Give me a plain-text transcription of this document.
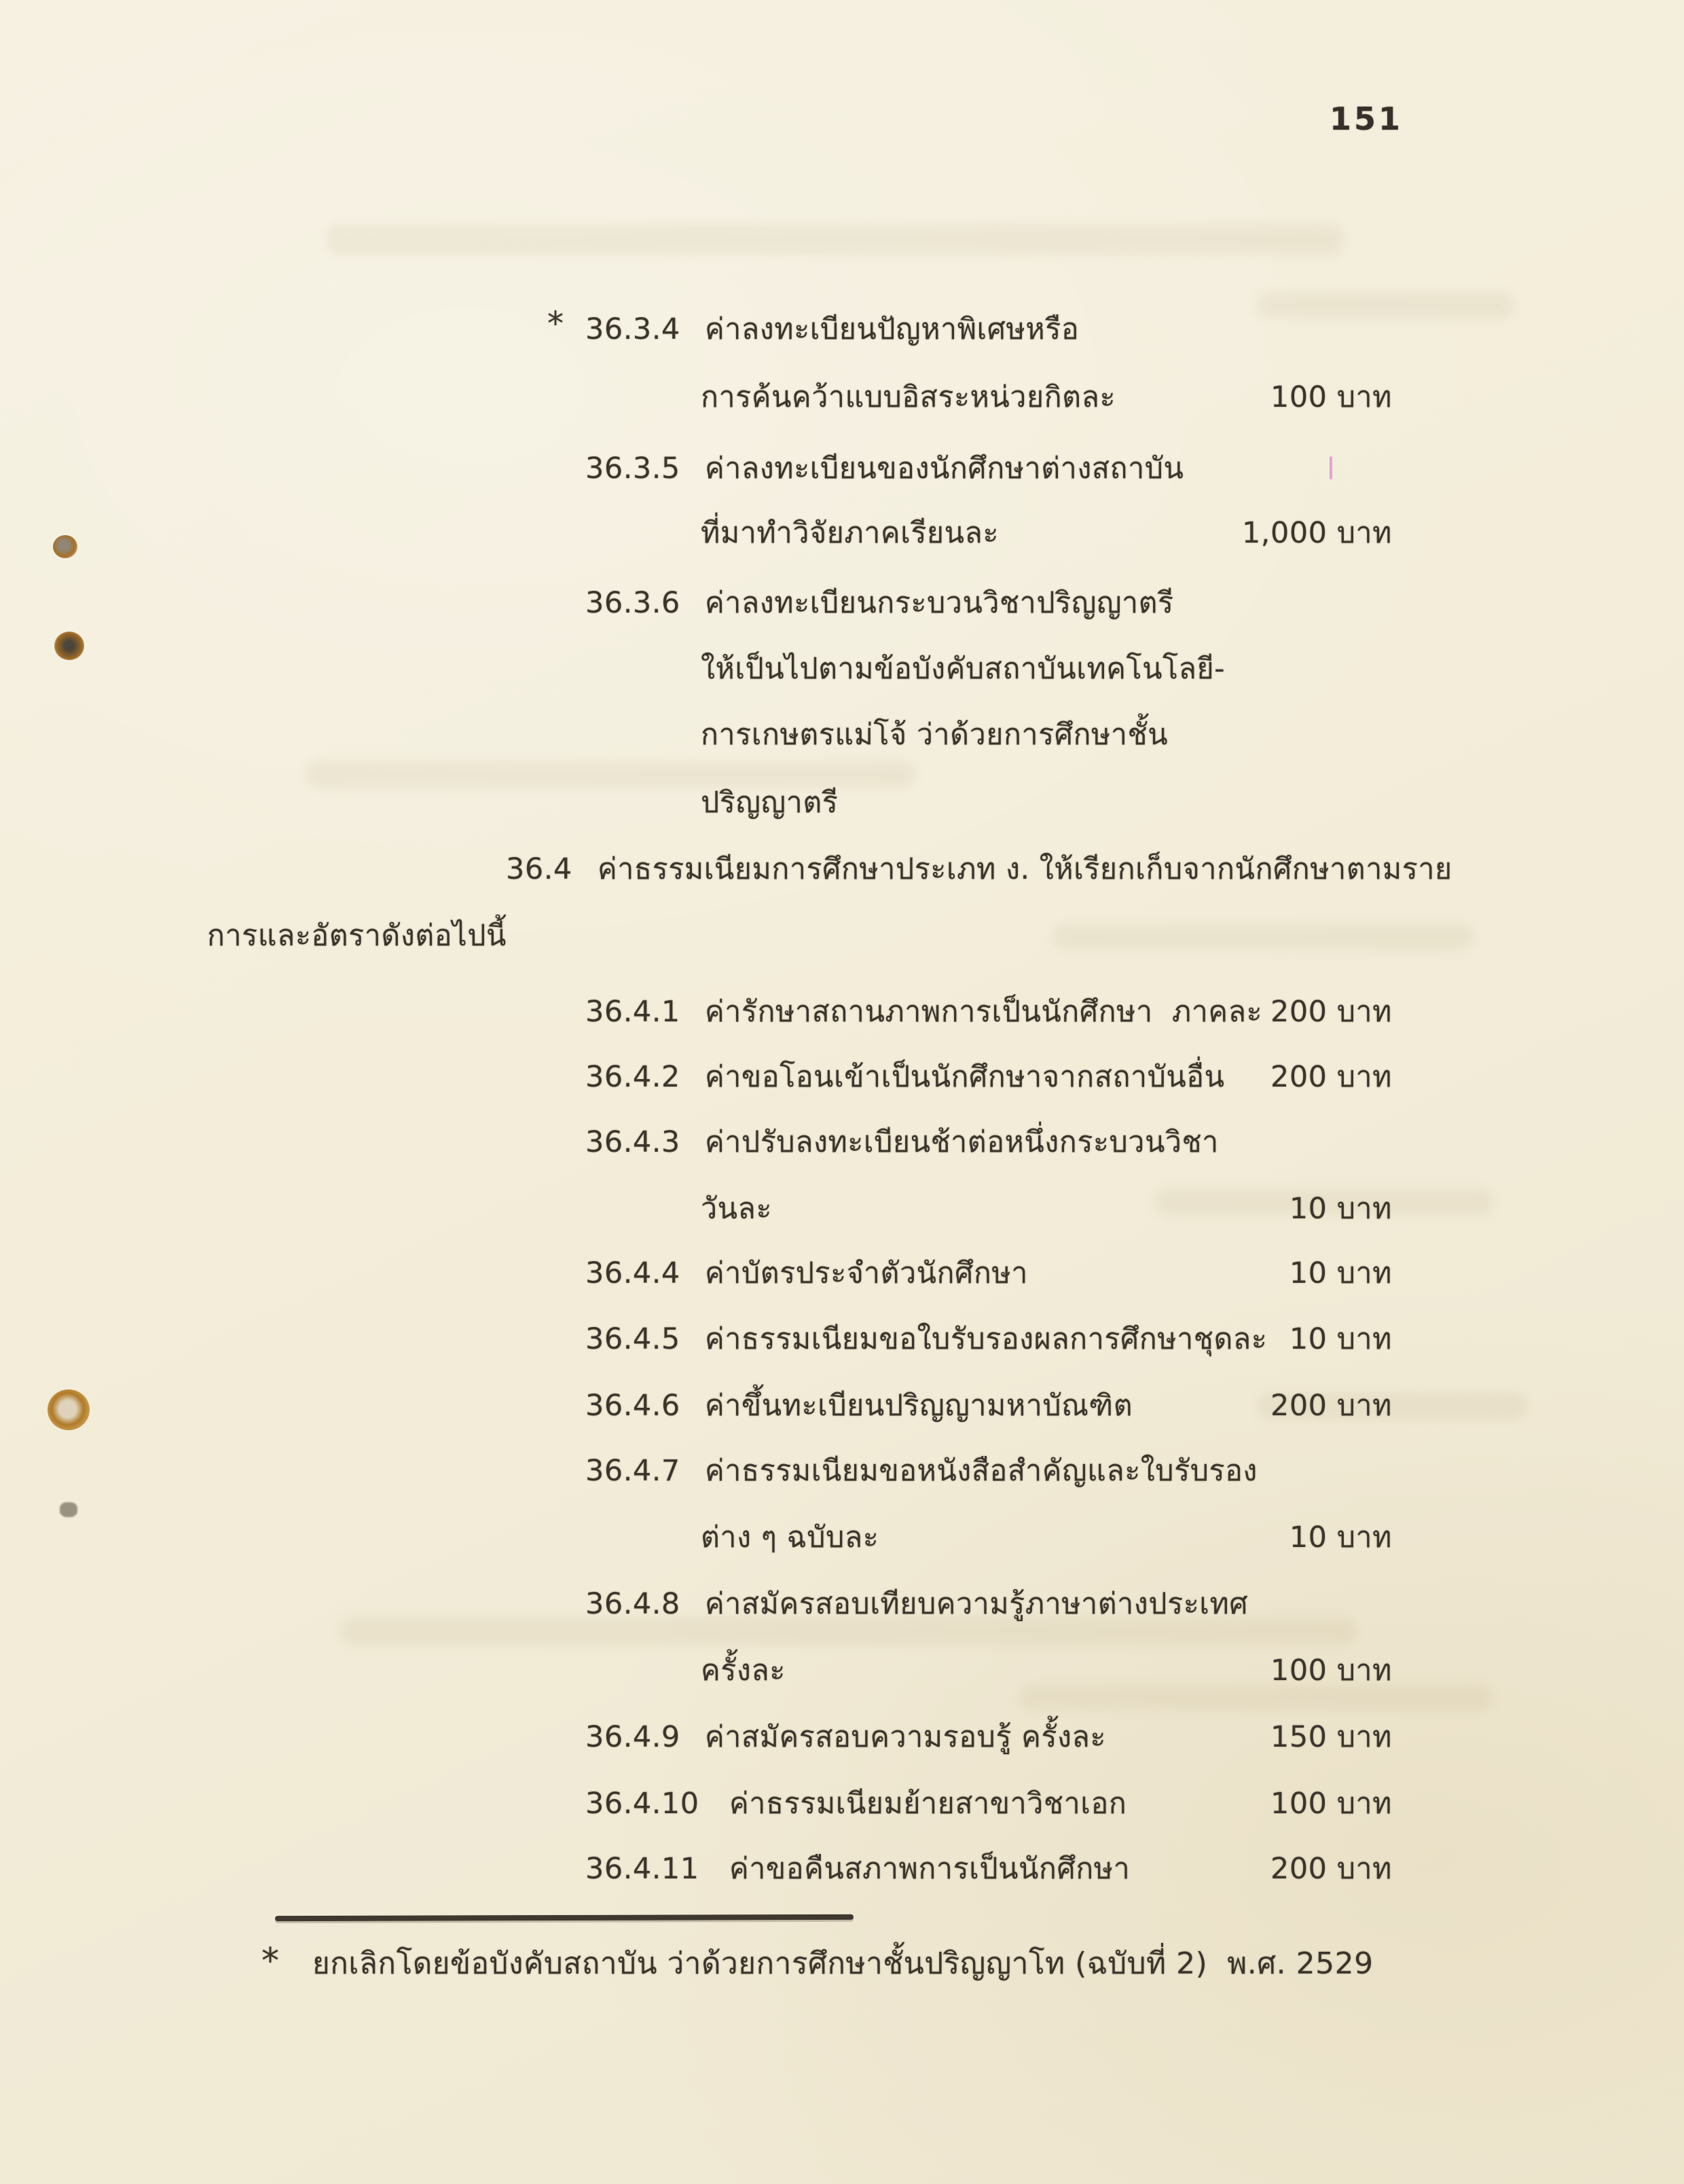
151
* 36.3.4 ค่าลงทะเบียนปัญหาพิเศษหรือ
การค้นคว้าแบบอิสระหน่วยกิตละ	100 บาท
36.3.5 ค่าลงทะเบียนของนักศึกษาต่างสถาบัน
ที่มาทำวิจัยภาคเรียนละ	1,000 บาท
36.3.6 ค่าลงทะเบียนกระบวนวิชาปริญญาตรี
ให้เป็นไปตามข้อบังคับสถาบันเทคโนโลยี-
การเกษตรแม่โจ้ ว่าด้วยการศึกษาชั้น
ปริญญาตรี
36.4 ค่าธรรมเนียมการศึกษาประเภท ง. ให้เรียกเก็บจากนักศึกษาตามราย
การและอัตราดังต่อไปนี้
36.4.1 ค่ารักษาสถานภาพการเป็นนักศึกษา  ภาคละ 200 บาท
36.4.2 ค่าขอโอนเข้าเป็นนักศึกษาจากสถาบันอื่น 200 บาท
36.4.3 ค่าปรับลงทะเบียนช้าต่อหนึ่งกระบวนวิชา
วันละ	10 บาท
36.4.4 ค่าบัตรประจำตัวนักศึกษา	10 บาท
36.4.5 ค่าธรรมเนียมขอใบรับรองผลการศึกษาชุดละ 10 บาท
36.4.6 ค่าขึ้นทะเบียนปริญญามหาบัณฑิต	200 บาท
36.4.7 ค่าธรรมเนียมขอหนังสือสำคัญและใบรับรอง
ต่าง ๆ ฉบับละ	10 บาท
36.4.8 ค่าสมัครสอบเทียบความรู้ภาษาต่างประเทศ
ครั้งละ	100 บาท
36.4.9 ค่าสมัครสอบความรอบรู้ ครั้งละ	150 บาท
36.4.10 ค่าธรรมเนียมย้ายสาขาวิชาเอก	100 บาท
36.4.11 ค่าขอคืนสภาพการเป็นนักศึกษา	200 บาท
* ยกเลิกโดยข้อบังคับสถาบัน ว่าด้วยการศึกษาชั้นปริญญาโท (ฉบับที่ 2)  พ.ศ. 2529
